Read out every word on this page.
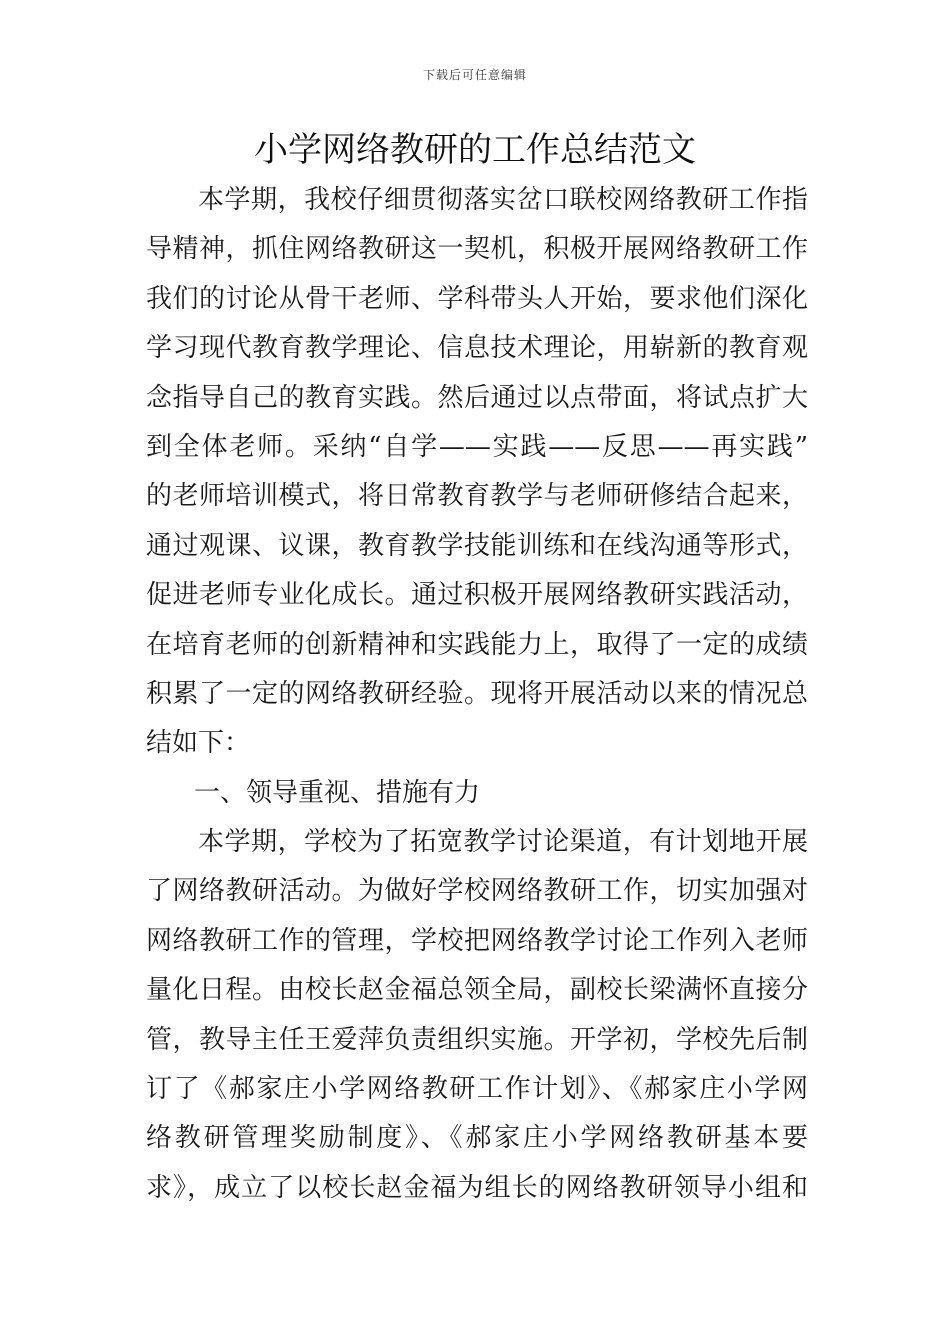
下载后可任意编辑
小学网络教研的工作总结范文
本学期，我校仔细贯彻落实岔口联校网络教研工作指
导精神，抓住网络教研这一契机，积极开展网络教研工作
我们的讨论从骨干老师、学科带头人开始，要求他们深化
学习现代教育教学理论、信息技术理论，用崭新的教育观
念指导自己的教育实践。然后通过以点带面，将试点扩大
到全体老师。采纳“自学——实践——反思——再实践”
的老师培训模式，将日常教育教学与老师研修结合起来，
通过观课、议课，教育教学技能训练和在线沟通等形式，
促进老师专业化成长。通过积极开展网络教研实践活动，
在培育老师的创新精神和实践能力上，取得了一定的成绩
积累了一定的网络教研经验。现将开展活动以来的情况总
结如下：
一、领导重视、措施有力
本学期，学校为了拓宽教学讨论渠道，有计划地开展
了网络教研活动。为做好学校网络教研工作，切实加强对
网络教研工作的管理，学校把网络教学讨论工作列入老师
量化日程。由校长赵金福总领全局，副校长梁满怀直接分
管，教导主任王爱萍负责组织实施。开学初，学校先后制
订了《郝家庄小学网络教研工作计划》、《郝家庄小学网
络教研管理奖励制度》、《郝家庄小学网络教研基本要
求》，成立了以校长赵金福为组长的网络教研领导小组和
